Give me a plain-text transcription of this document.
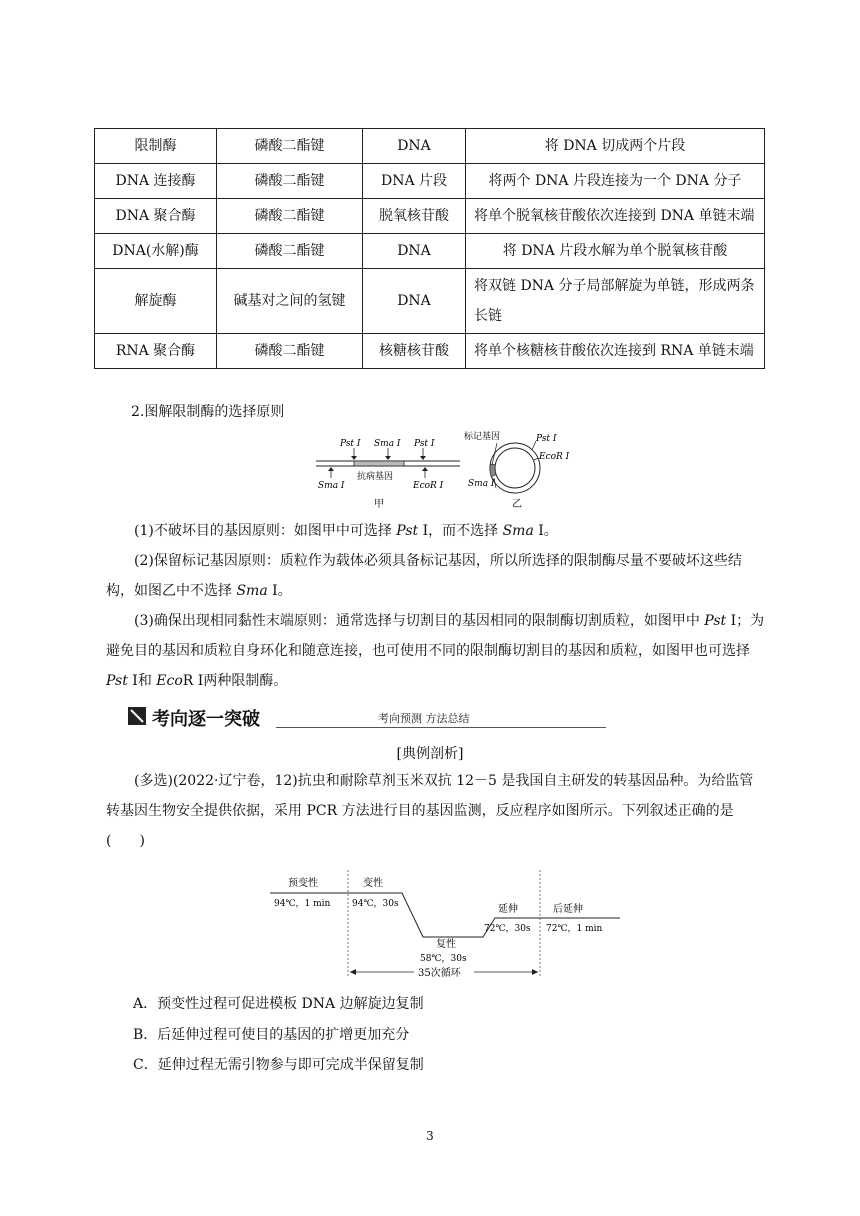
限制酶	磷酸二酯键	DNA	将 DNA 切成两个片段
DNA 连接酶	磷酸二酯键	DNA 片段	将两个 DNA 片段连接为一个 DNA 分子
DNA 聚合酶	磷酸二酯键	脱氧核苷酸	将单个脱氧核苷酸依次连接到 DNA 单链末端
DNA(水解)酶	磷酸二酯键	DNA	将 DNA 片段水解为单个脱氧核苷酸
解旋酶	碱基对之间的氢键	DNA	将双链 DNA 分子局部解旋为单链，形成两条长链
RNA 聚合酶	磷酸二酯键	核糖核苷酸	将单个核糖核苷酸依次连接到 RNA 单链末端
2.图解限制酶的选择原则
Pst Ⅰ Sma Ⅰ Pst Ⅰ
抗病基因
Sma Ⅰ	EcoR Ⅰ
甲
标记基因	Pst Ⅰ
EcoR Ⅰ
Sma Ⅰ
乙
(1)不破坏目的基因原则：如图甲中可选择 Pst Ⅰ，而不选择 Sma Ⅰ。
(2)保留标记基因原则：质粒作为载体必须具备标记基因，所以所选择的限制酶尽量不要破坏这些结构，如图乙中不选择 Sma Ⅰ。
(3)确保出现相同黏性末端原则：通常选择与切割目的基因相同的限制酶切割质粒，如图甲中 Pst Ⅰ；为避免目的基因和质粒自身环化和随意连接，也可使用不同的限制酶切割目的基因和质粒，如图甲也可选择 Pst Ⅰ和 EcoR Ⅰ两种限制酶。
考向逐一突破	考向预测 方法总结
[典例剖析]
(多选)(2022·辽宁卷，12)抗虫和耐除草剂玉米双抗 12－5 是我国自主研发的转基因品种。为给监管转基因生物安全提供依据，采用 PCR 方法进行目的基因监测，反应程序如图所示。下列叙述正确的是(　　)
预变性
94℃，1 min
变性
94℃，30s
复性
58℃，30s
延伸
72℃，30s
后延伸
72℃，1 min
35次循环
A．预变性过程可促进模板 DNA 边解旋边复制
B．后延伸过程可使目的基因的扩增更加充分
C．延伸过程无需引物参与即可完成半保留复制
3
